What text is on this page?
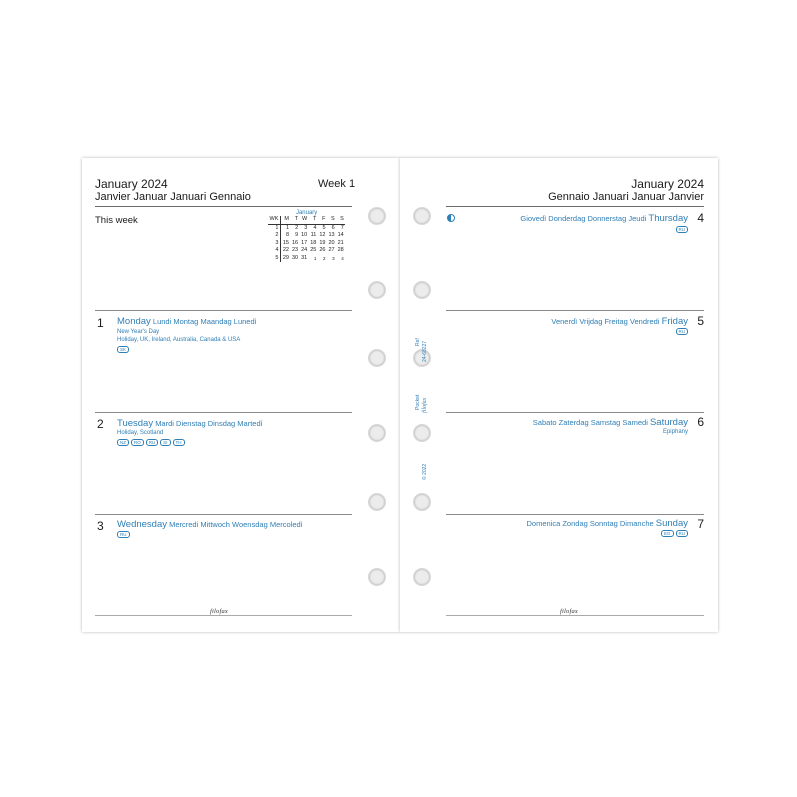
January 2024
Janvier Januar Januari Gennaio
Week 1
This week
January
WK	M	T	W	T	F	S	S
1	1	2	3	4	5	6	7
2	8	9	10	11	12	13	14
3	15	16	17	18	19	20	21
4	22	23	24	25	26	27	28
5	29	30	31	1	2	3	4
1 Monday Lundi Montag Maandag Lunedì
New Year's Day
Holiday, UK, Ireland, Australia, Canada & USA
SK
2 Tuesday Mardi Dienstag Dinsdag Martedì
Holiday, Scotland
NZ	RO	RU	SI	TH
3 Wednesday Mercredi Mittwoch Woensdag Mercoledì
RU
filofax
January 2024
Gennaio Januari Januar Janvier
4
Giovedì Donderdag Donnerstag Jeudi Thursday
RU
5
Venerdì Vrijdag Freitag Vendredi Friday
RU
6
Sabato Zaterdag Samstag Samedi Saturday
Epiphany
7
Domenica Zondag Sonntag Dimanche Sunday
EG	RU
filofax
Ref 24-68227
Pocket filofax
© 2022
